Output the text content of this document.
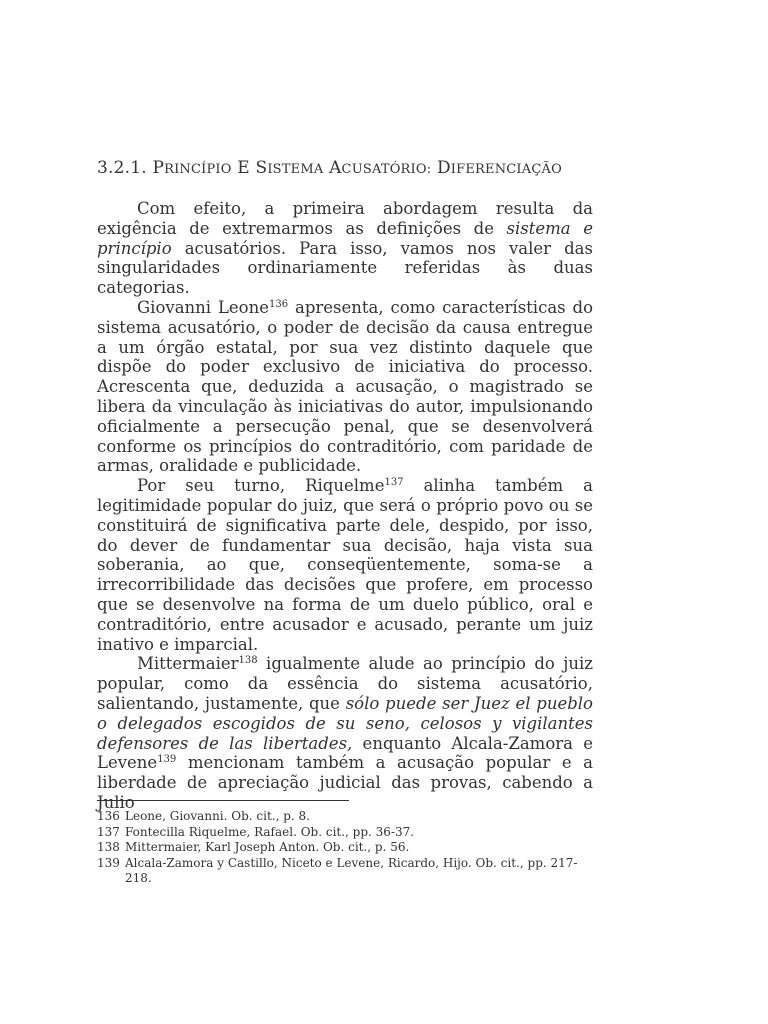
3.2.1. PRINCÍPIO E SISTEMA ACUSATÓRIO: DIFERENCIAÇÃO

Com efeito, a primeira abordagem resulta da exigência de extremarmos as definições de sistema e princípio acusatórios. Para isso, vamos nos valer das singularidades ordinariamente referidas às duas categorias.

Giovanni Leone$^{136}$ apresenta, como características do sistema acusatório, o poder de decisão da causa entregue a um órgão estatal, por sua vez distinto daquele que dispõe do poder exclusivo de iniciativa do processo. Acrescenta que, deduzida a acusação, o magistrado se libera da vinculação às iniciativas do autor, impulsionando oficialmente a persecução penal, que se desenvolverá conforme os princípios do contraditório, com paridade de armas, oralidade e publicidade.

Por seu turno, Riquelme$^{137}$ alinha também a legitimidade popular do juiz, que será o próprio povo ou se constituirá de significativa parte dele, despido, por isso, do dever de fundamentar sua decisão, haja vista sua soberania, ao que, conseqüentemente, soma-se a irrecorribilidade das decisões que profere, em processo que se desenvolve na forma de um duelo público, oral e contraditório, entre acusador e acusado, perante um juiz inativo e imparcial.

Mittermaier$^{138}$ igualmente alude ao princípio do juiz popular, como da essência do sistema acusatório, salientando, justamente, que sólo puede ser Juez el pueblo o delegados escogidos de su seno, celosos y vigilantes defensores de las libertades, enquanto Alcala-Zamora e Levene$^{139}$ mencionam também a acusação popular e a liberdade de apreciação judicial das provas, cabendo a Julio

136 Leone, Giovanni. Ob. cit., p. 8.
137 Fontecilla Riquelme, Rafael. Ob. cit., pp. 36-37.
138 Mittermaier, Karl Joseph Anton. Ob. cit., p. 56.
139 Alcala-Zamora y Castillo, Niceto e Levene, Ricardo, Hijo. Ob. cit., pp. 217-218.
